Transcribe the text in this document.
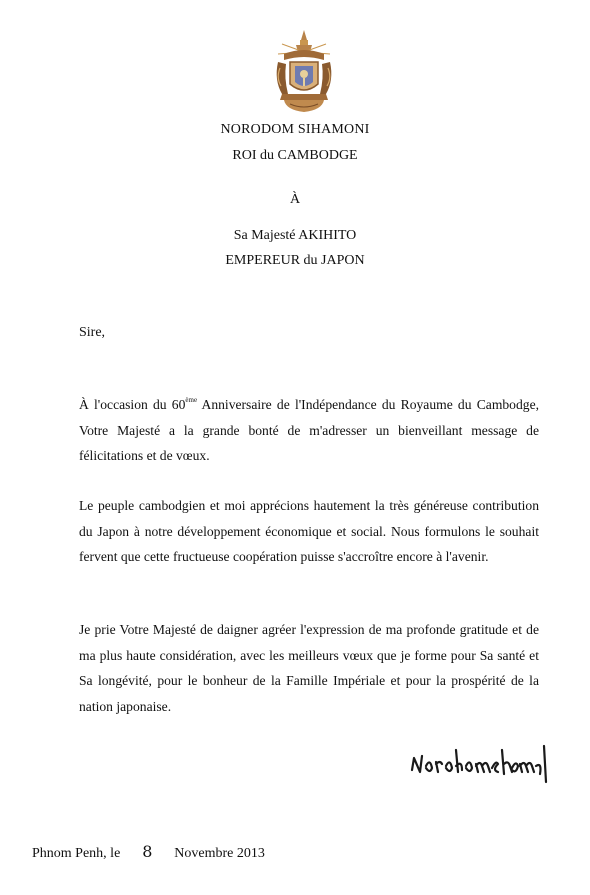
NORODOM SIHAMONI
ROI du CAMBODGE
À
Sa Majesté AKIHITO
EMPEREUR du JAPON
Sire,

À l'occasion du 60ème Anniversaire de l'Indépendance du Royaume du Cambodge, Votre Majesté a la grande bonté de m'adresser un bienveillant message de félicitations et de vœux.

Le peuple cambodgien et moi apprécions hautement la très généreuse contribution du Japon à notre développement économique et social. Nous formulons le souhait fervent que cette fructueuse coopération puisse s'accroître encore à l'avenir.

Je prie Votre Majesté de daigner agréer l'expression de ma profonde gratitude et de ma plus haute considération, avec les meilleurs vœux que je forme pour Sa santé et Sa longévité, pour le bonheur de la Famille Impériale et pour la prospérité de la nation japonaise.

Phnom Penh, le 8 Novembre 2013
